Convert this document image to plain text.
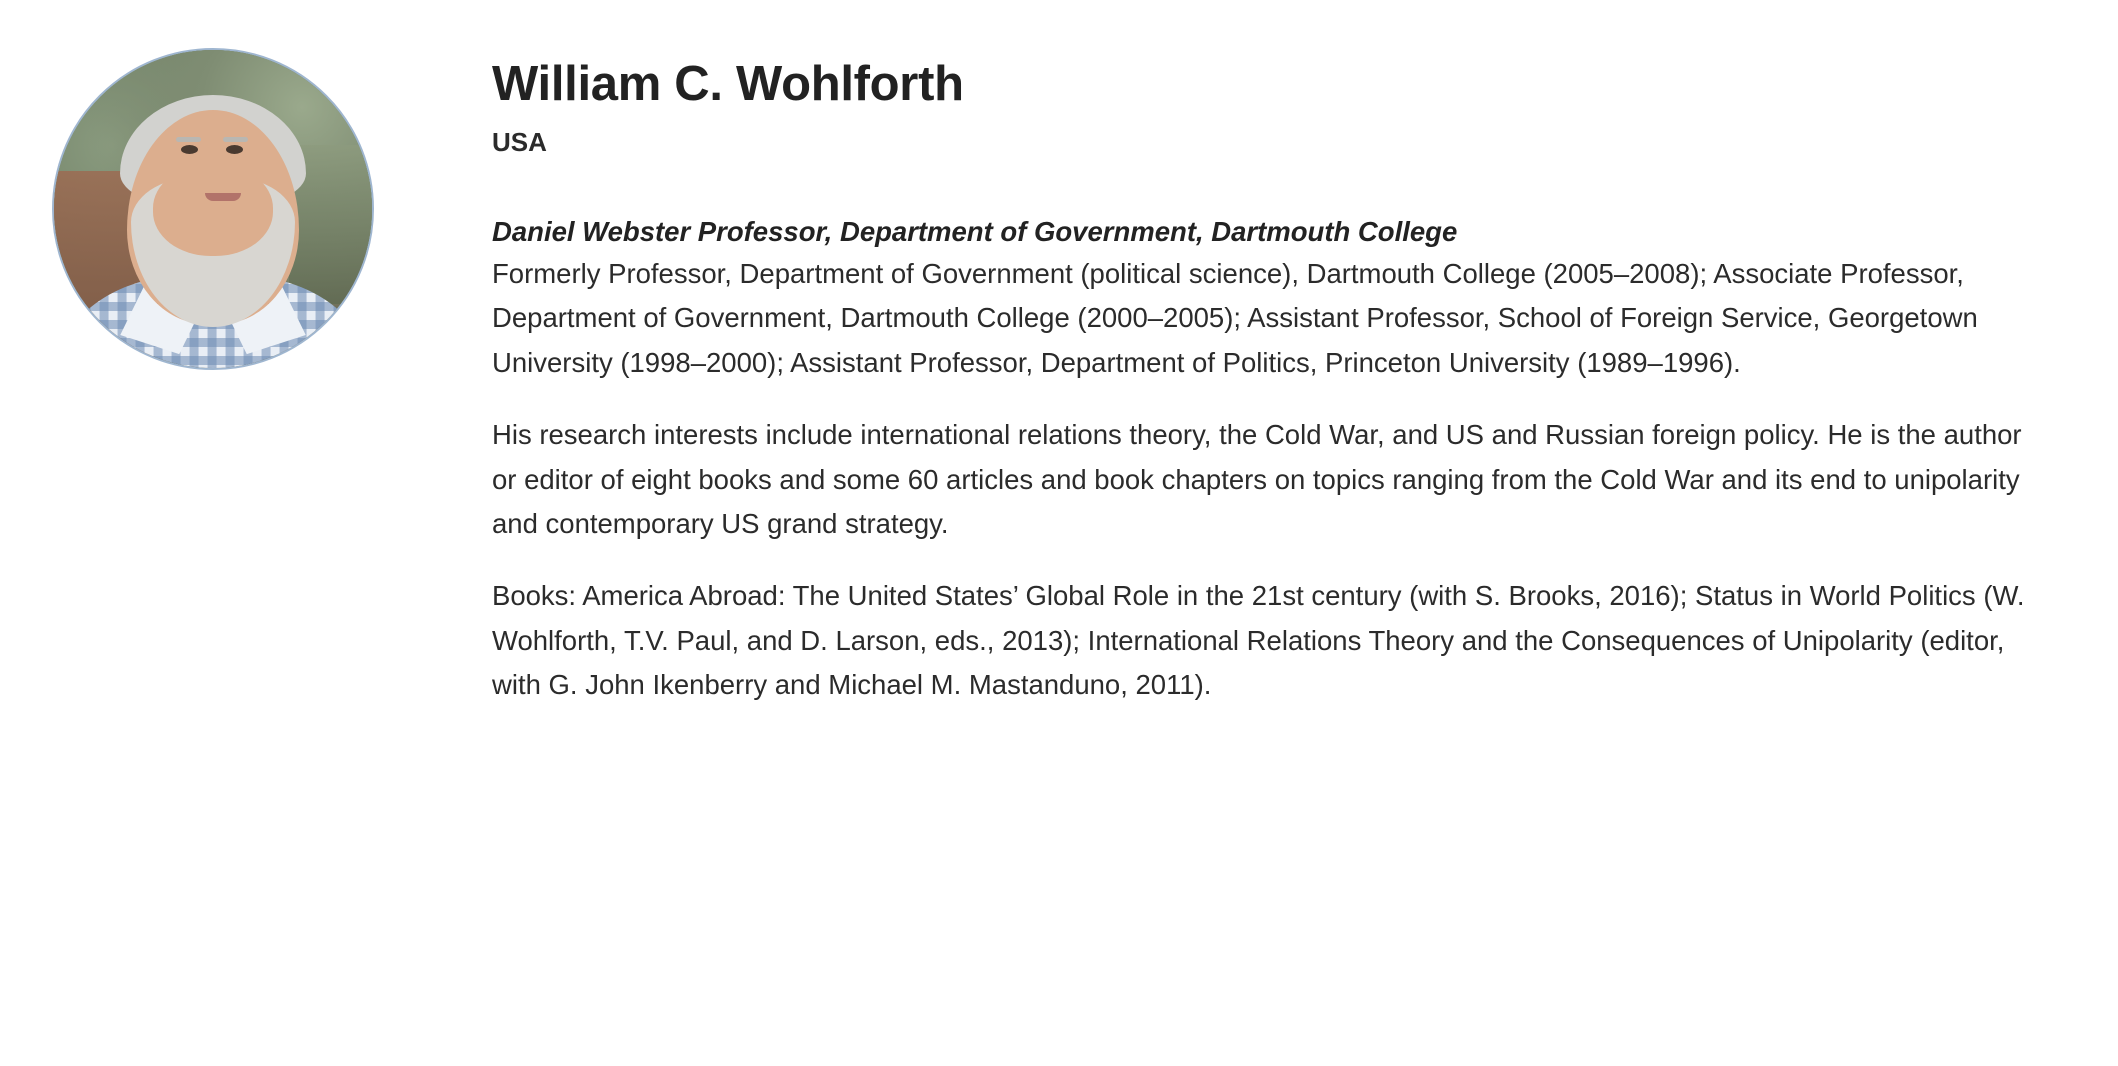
William C. Wohlforth
USA
Daniel Webster Professor, Department of Government, Dartmouth College

Formerly Professor, Department of Government (political science), Dartmouth College (2005–2008); Associate Professor, Department of Government, Dartmouth College (2000–2005); Assistant Professor, School of Foreign Service, Georgetown University (1998–2000); Assistant Professor, Department of Politics, Princeton University (1989–1996).

His research interests include international relations theory, the Cold War, and US and Russian foreign policy. He is the author or editor of eight books and some 60 articles and book chapters on topics ranging from the Cold War and its end to unipolarity and contemporary US grand strategy.

Books: America Abroad: The United States’ Global Role in the 21st century (with S. Brooks, 2016); Status in World Politics (W. Wohlforth, T.V. Paul, and D. Larson, eds., 2013); International Relations Theory and the Consequences of Unipolarity (editor, with G. John Ikenberry and Michael M. Mastanduno, 2011).
